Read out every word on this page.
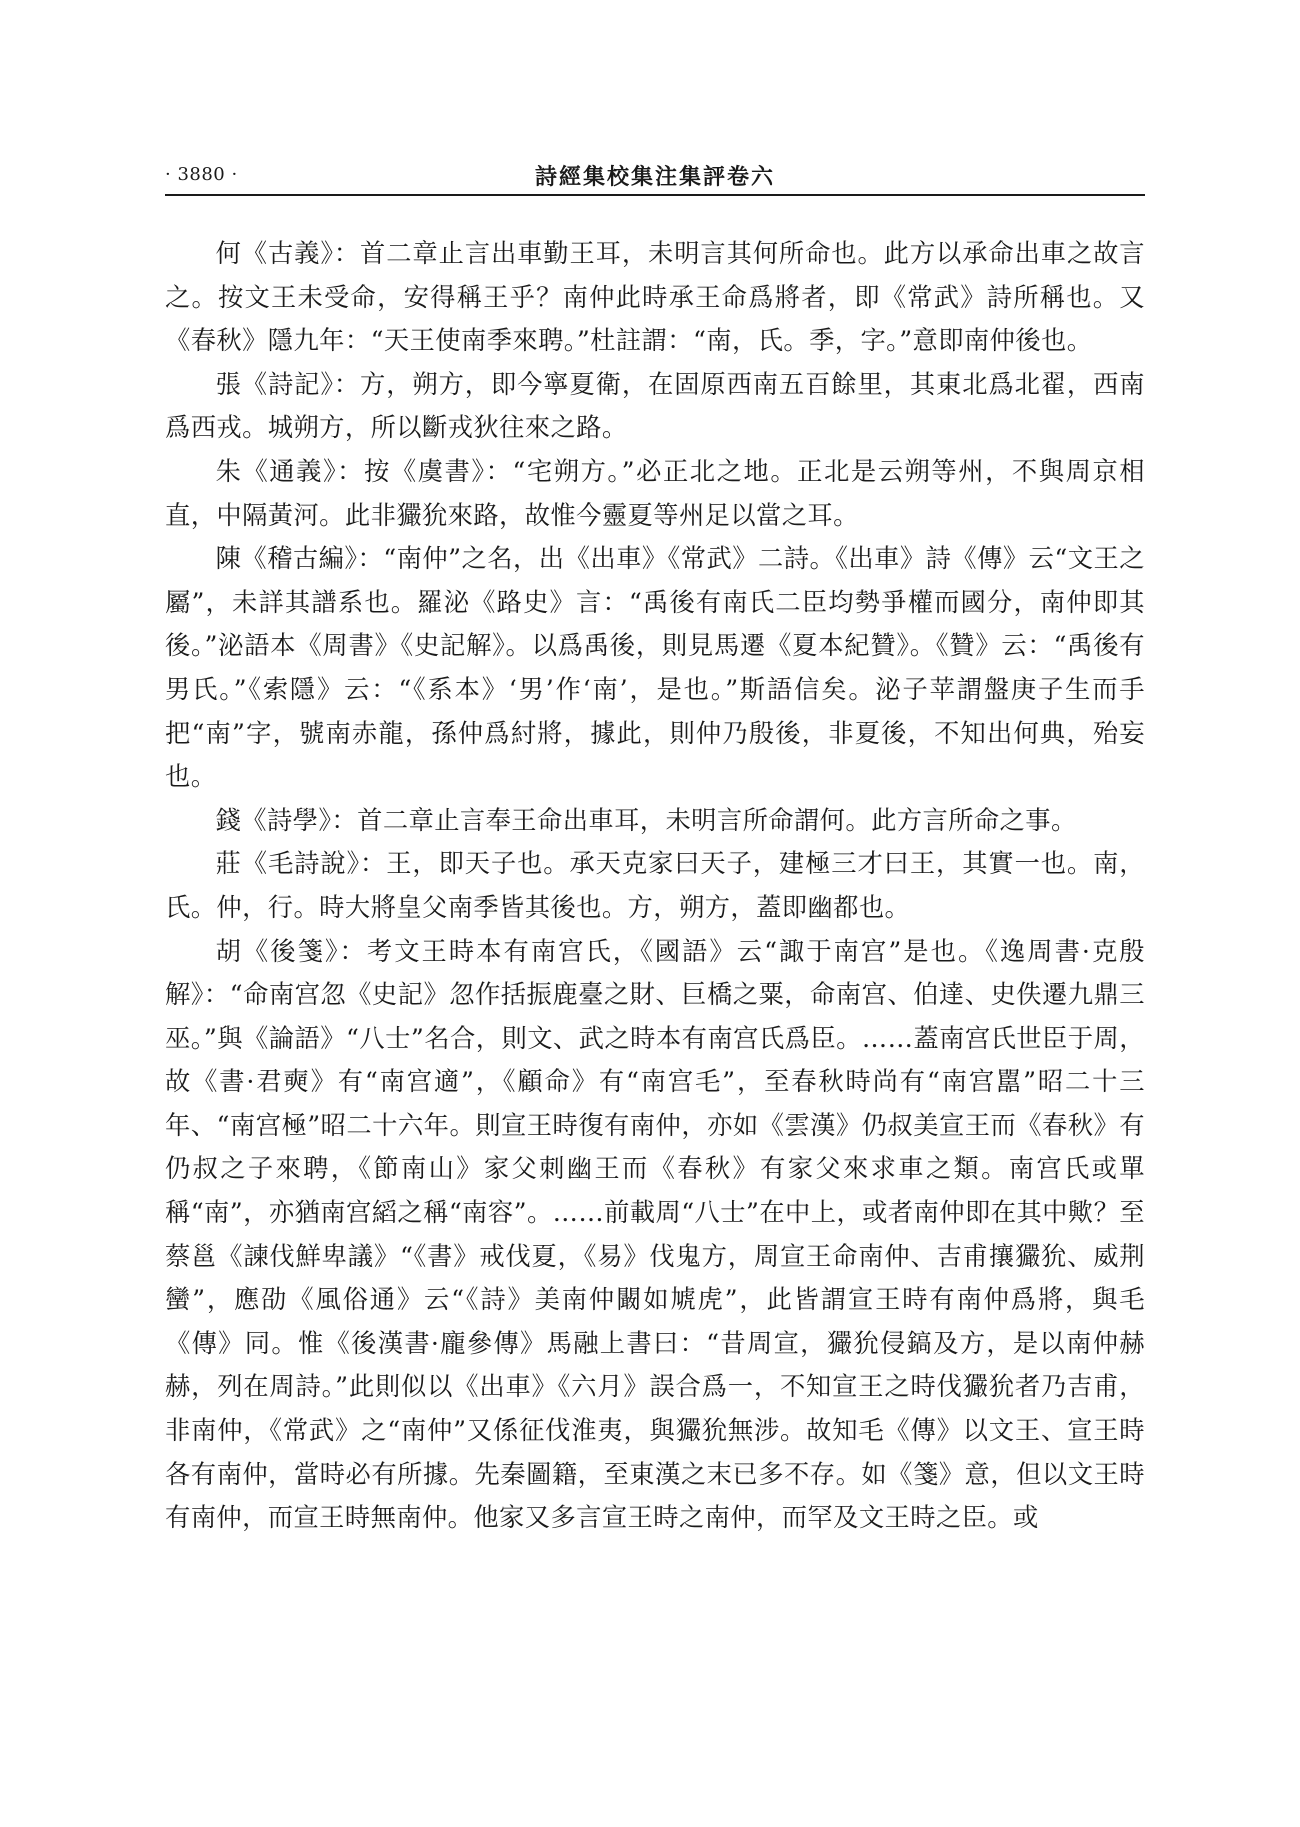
· 3880 ·	詩經集校集注集評卷六

何《古義》：首二章止言出車勤王耳，未明言其何所命也。此方以承命出車之故言之。按文王未受命，安得稱王乎？南仲此時承王命爲將者，即《常武》詩所稱也。又《春秋》隱九年：“天王使南季來聘。”杜註謂：“南，氏。季，字。”意即南仲後也。

張《詩記》：方，朔方，即今寧夏衛，在固原西南五百餘里，其東北爲北翟，西南爲西戎。城朔方，所以斷戎狄往來之路。

朱《通義》：按《虞書》：“宅朔方。”必正北之地。正北是云朔等州，不與周京相直，中隔黃河。此非玁狁來路，故惟今靈夏等州足以當之耳。

陳《稽古編》：“南仲”之名，出《出車》《常武》二詩。《出車》詩《傳》云“文王之屬”，未詳其譜系也。羅泌《路史》言：“禹後有南氏二臣均勢爭權而國分，南仲即其後。”泌語本《周書》《史記解》。以爲禹後，則見馬遷《夏本紀贊》。《贊》云：“禹後有男氏。”《索隱》云：“《系本》‘男’作‘南’，是也。”斯語信矣。泌子苹謂盤庚子生而手把“南”字，號南赤龍，孫仲爲紂將，據此，則仲乃殷後，非夏後，不知出何典，殆妄也。

錢《詩學》：首二章止言奉王命出車耳，未明言所命謂何。此方言所命之事。

莊《毛詩說》：王，即天子也。承天克家曰天子，建極三才曰王，其實一也。南，氏。仲，行。時大將皇父南季皆其後也。方，朔方，蓋即幽都也。

胡《後箋》：考文王時本有南宫氏，《國語》云“諏于南宫”是也。《逸周書·克殷解》：“命南宫忽《史記》忽作括振鹿臺之財、巨橋之粟，命南宫、伯達、史佚遷九鼎三巫。”與《論語》“八士”名合，則文、武之時本有南宫氏爲臣。……蓋南宫氏世臣于周，故《書·君奭》有“南宫適”，《顧命》有“南宫毛”，至春秋時尚有“南宫嚚”昭二十三年、“南宫極”昭二十六年。則宣王時復有南仲，亦如《雲漢》仍叔美宣王而《春秋》有仍叔之子來聘，《節南山》家父刺幽王而《春秋》有家父來求車之類。南宫氏或單稱“南”，亦猶南宫縚之稱“南容”。……前載周“八士”在中上，或者南仲即在其中歟？至蔡邕《諫伐鮮卑議》“《書》戒伐夏，《易》伐鬼方，周宣王命南仲、吉甫攘玁狁、威荆蠻”，應劭《風俗通》云“《詩》美南仲闞如虓虎”，此皆謂宣王時有南仲爲將，與毛《傳》同。惟《後漢書·龐參傳》馬融上書曰：“昔周宣，玁狁侵鎬及方，是以南仲赫赫，列在周詩。”此則似以《出車》《六月》誤合爲一，不知宣王之時伐玁狁者乃吉甫，非南仲，《常武》之“南仲”又係征伐淮夷，與玁狁無涉。故知毛《傳》以文王、宣王時各有南仲，當時必有所據。先秦圖籍，至東漢之末已多不存。如《箋》意，但以文王時有南仲，而宣王時無南仲。他家又多言宣王時之南仲，而罕及文王時之臣。或
